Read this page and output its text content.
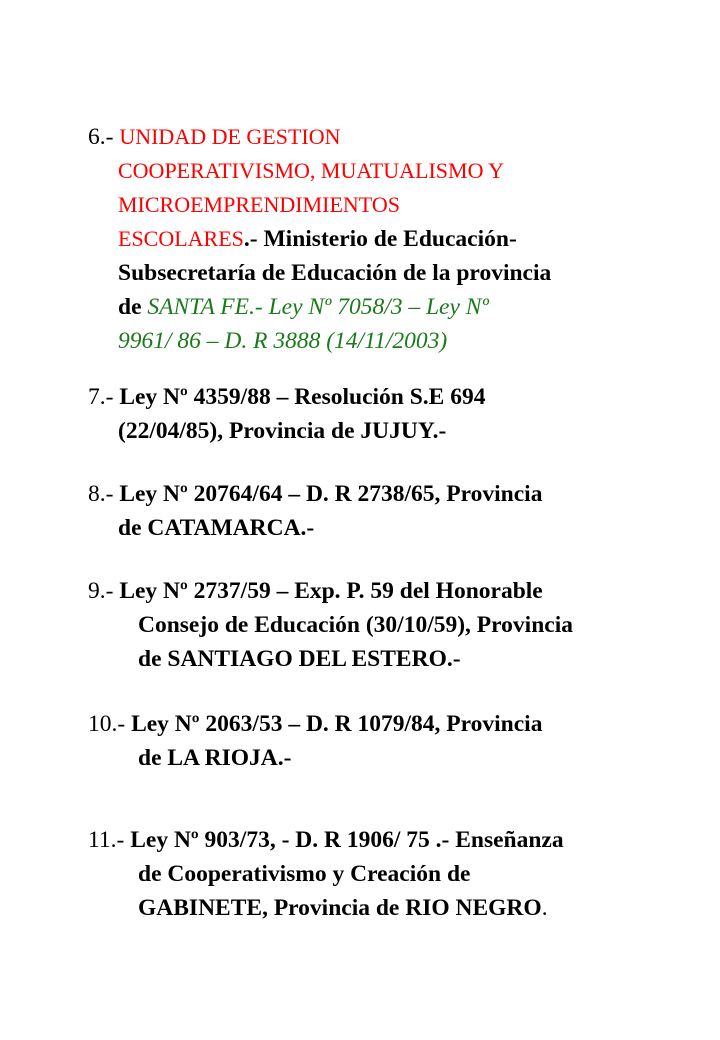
6.- UNIDAD DE GESTION
COOPERATIVISMO, MUATUALISMO Y
MICROEMPRENDIMIENTOS
ESCOLARES.- Ministerio de Educación-
Subsecretaría de Educación de la provincia
de SANTA FE.- Ley Nº 7058/3 – Ley Nº
9961/ 86 – D. R 3888 (14/11/2003)
7.- Ley Nº 4359/88 – Resolución S.E 694
(22/04/85), Provincia de JUJUY.-
8.- Ley Nº 20764/64 – D. R 2738/65, Provincia
de CATAMARCA.-
9.- Ley Nº 2737/59 – Exp. P. 59 del Honorable
Consejo de Educación (30/10/59), Provincia
de SANTIAGO DEL ESTERO.-
10.- Ley Nº 2063/53 – D. R 1079/84, Provincia
de LA RIOJA.-
11.- Ley Nº 903/73, - D. R 1906/ 75 .- Enseñanza
de Cooperativismo y Creación de
GABINETE, Provincia de RIO NEGRO.
